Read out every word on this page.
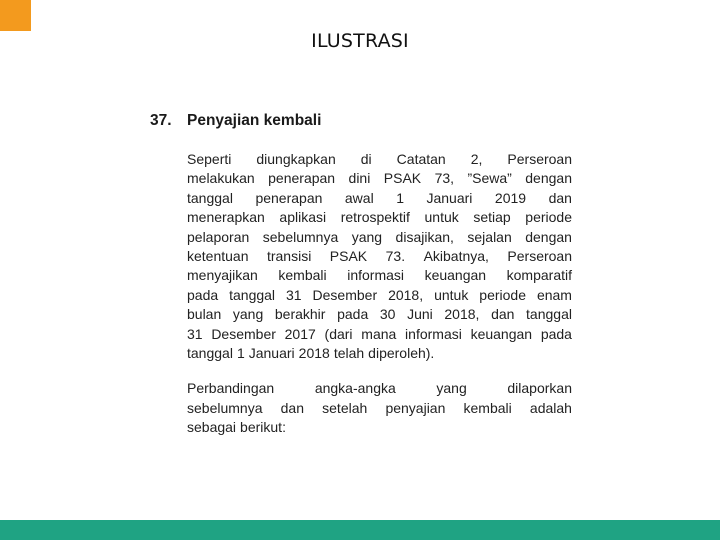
ILUSTRASI
37. Penyajian kembali
Seperti diungkapkan di Catatan 2, Perseroan
melakukan penerapan dini PSAK 73, ”Sewa” dengan
tanggal penerapan awal 1 Januari 2019 dan
menerapkan aplikasi retrospektif untuk setiap periode
pelaporan sebelumnya yang disajikan, sejalan dengan
ketentuan transisi PSAK 73. Akibatnya, Perseroan
menyajikan kembali informasi keuangan komparatif
pada tanggal 31 Desember 2018, untuk periode enam
bulan yang berakhir pada 30 Juni 2018, dan tanggal
31 Desember 2017 (dari mana informasi keuangan pada
tanggal 1 Januari 2018 telah diperoleh).
Perbandingan	angka-angka	yang	dilaporkan
sebelumnya dan setelah penyajian kembali adalah
sebagai berikut:
